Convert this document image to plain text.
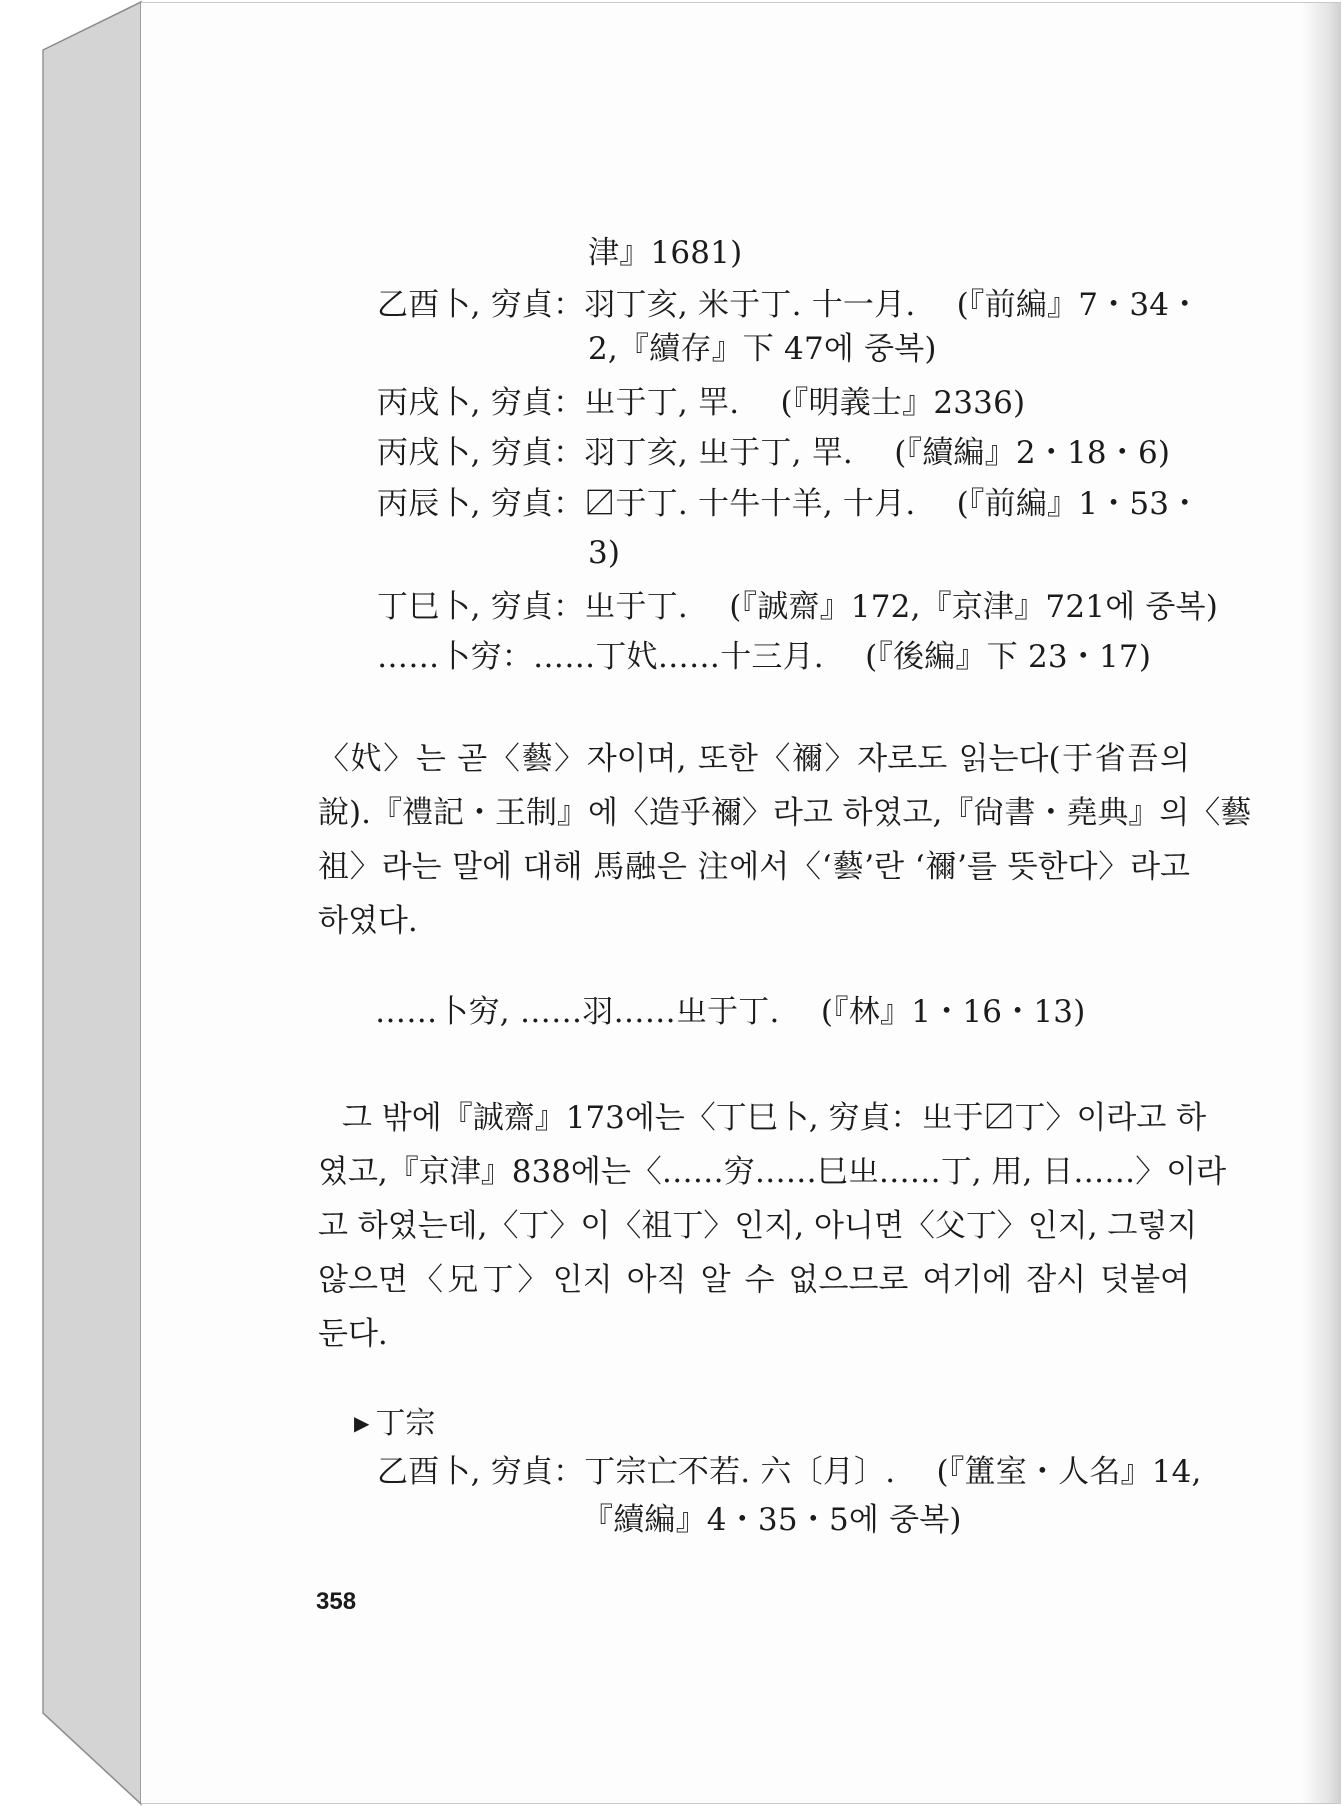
津』1681)
乙酉卜, 穷貞：羽丁亥, 米于丁. 十一月.　 (『前編』7・34・
2,『續存』下 47에 중복)
丙戌卜, 穷貞：㞢于丁, 䍐.　 (『明義士』2336)
丙戌卜, 穷貞：羽丁亥, 㞢于丁, 䍐.　 (『續編』2・18・6)
丙辰卜, 穷貞：〼于丁. 十牛十羊, 十月.　 (『前編』1・53・
3)
丁巳卜, 穷貞：㞢于丁.　 (『誠齋』172,『京津』721에 중복)
……卜穷：……丁㚤……十三月.　 (『後編』下 23・17)
〈㚤〉는 곧〈藝〉자이며, 또한〈禰〉자로도 읽는다(于省吾의
說).『禮記・王制』에〈造乎禰〉라고 하였고,『尙書・堯典』의〈藝
祖〉라는 말에 대해 馬融은 注에서〈‘藝’란 ‘禰’를 뜻한다〉라고
하였다.
……卜穷, ……羽……㞢于丁.　 (『林』1・16・13)
그 밖에『誠齋』173에는〈丁巳卜, 穷貞：㞢于〼丁〉이라고 하
였고,『京津』838에는〈……穷……巳㞢……丁, 用, 日……〉이라
고 하였는데,〈丁〉이〈祖丁〉인지, 아니면〈父丁〉인지, 그렇지
않으면〈兄丁〉인지 아직 알 수 없으므로 여기에 잠시 덧붙여
둔다.
▶ 丁宗
乙酉卜, 穷貞：丁宗亡不若. 六〔月〕.　 (『簠室・人名』14,
『續編』4・35・5에 중복)
358
